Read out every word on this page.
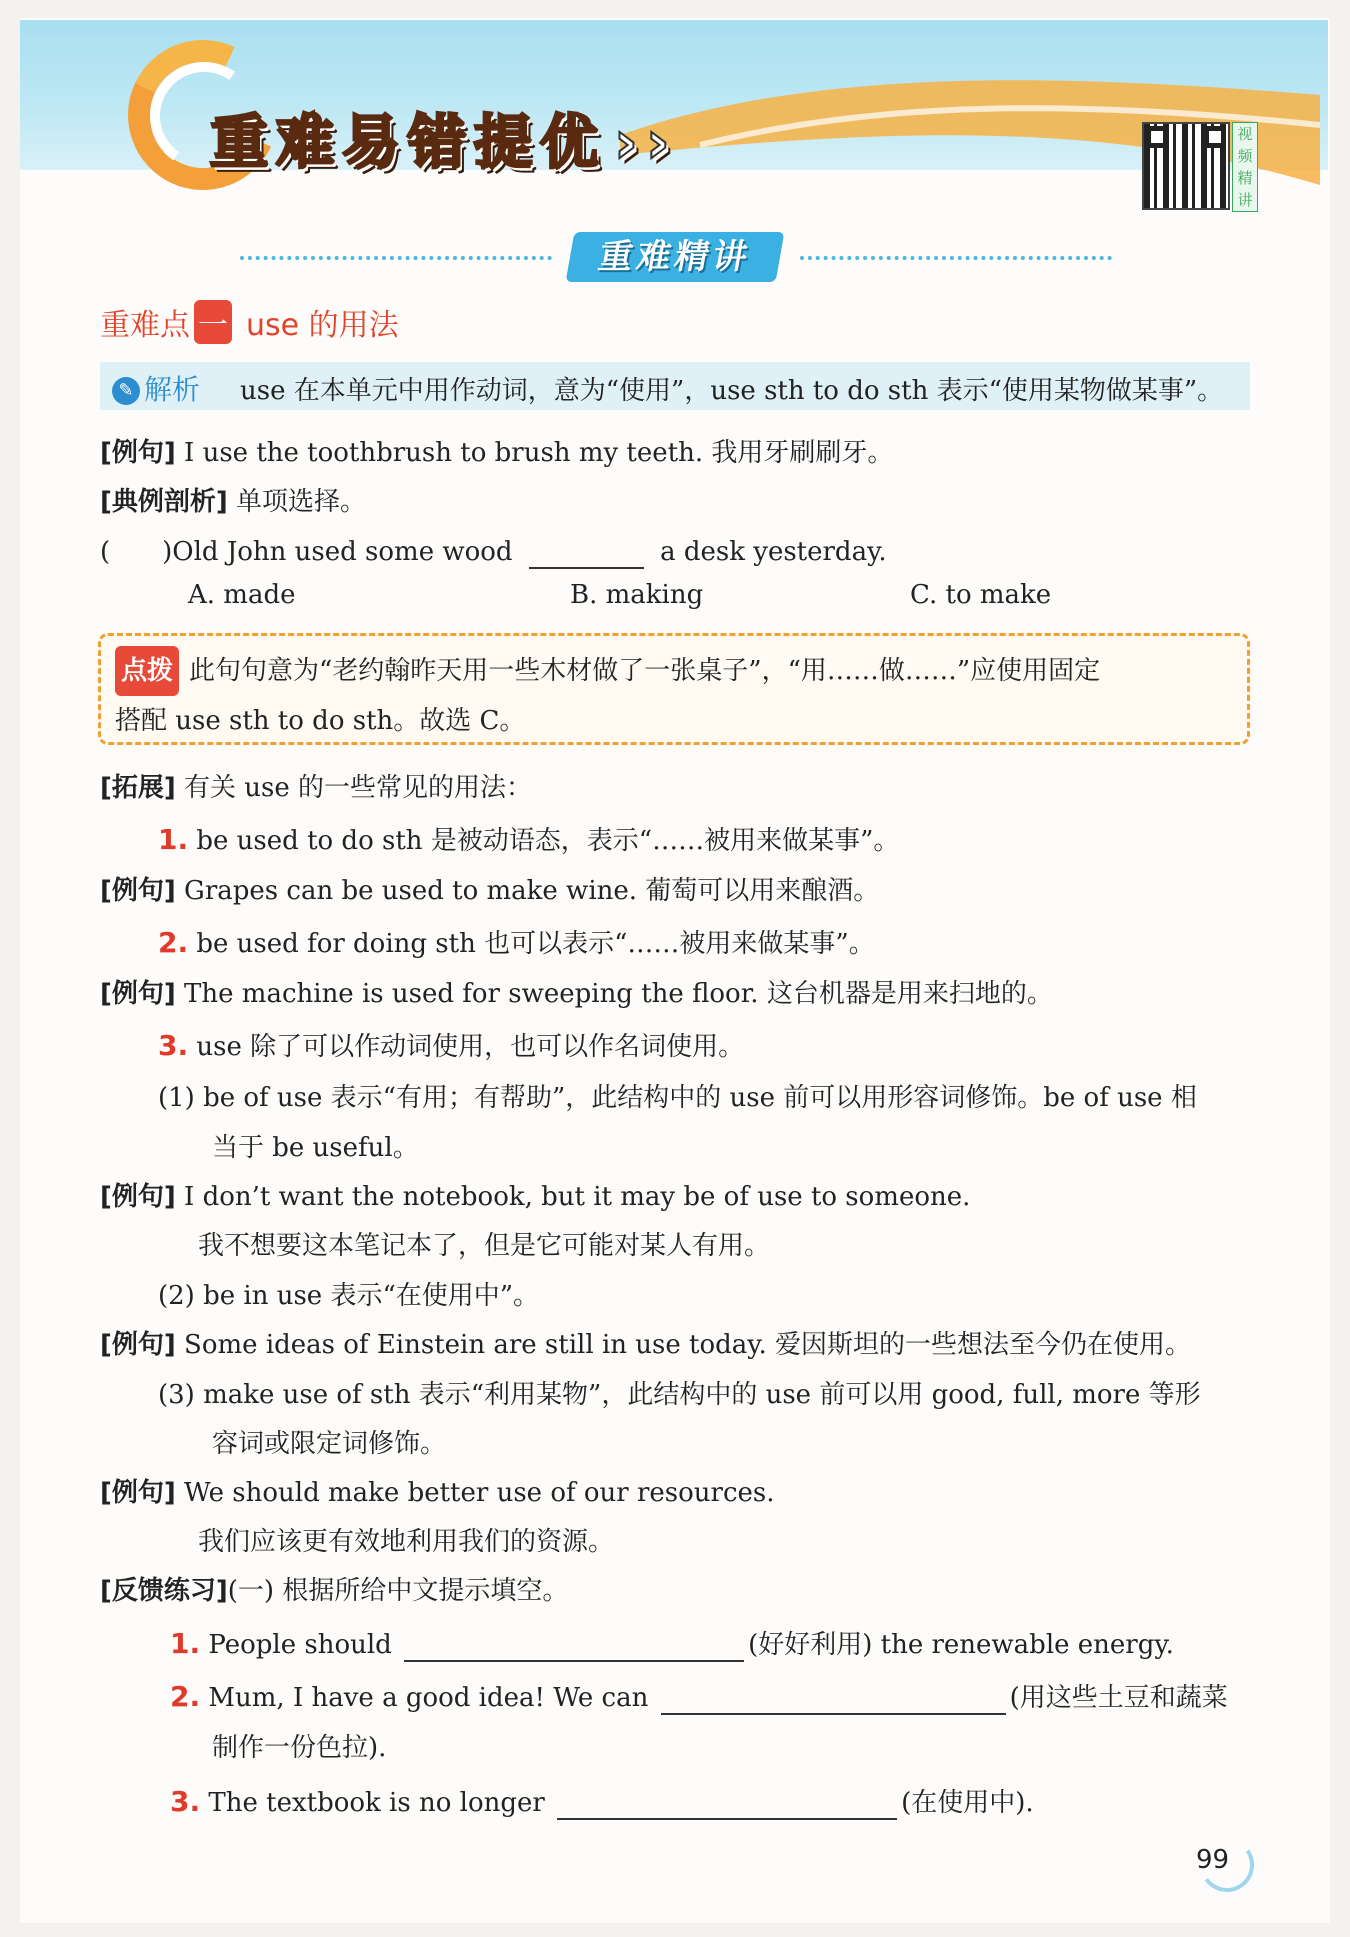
重难易错提优 ››	视频精讲
重难精讲
重难点 一 use 的用法
✎ 解析 use 在本单元中用作动词，意为“使用”，use sth to do sth 表示“使用某物做某事”。
[例句] I use the toothbrush to brush my teeth. 我用牙刷刷牙。
[典例剖析] 单项选择。
(　　)Old John used some wood	a desk yesterday.
A. made	B. making	C. to make
点拨 此句句意为“老约翰昨天用一些木材做了一张桌子”，“用……做……”应使用固定
搭配 use sth to do sth。故选 C。
[拓展] 有关 use 的一些常见的用法：
1. be used to do sth 是被动语态，表示“……被用来做某事”。
[例句] Grapes can be used to make wine. 葡萄可以用来酿酒。
2. be used for doing sth 也可以表示“……被用来做某事”。
[例句] The machine is used for sweeping the floor. 这台机器是用来扫地的。
3. use 除了可以作动词使用，也可以作名词使用。
(1) be of use 表示“有用；有帮助”，此结构中的 use 前可以用形容词修饰。be of use 相
当于 be useful。
[例句] I don’t want the notebook, but it may be of use to someone.
我不想要这本笔记本了，但是它可能对某人有用。
(2) be in use 表示“在使用中”。
[例句] Some ideas of Einstein are still in use today. 爱因斯坦的一些想法至今仍在使用。
(3) make use of sth 表示“利用某物”，此结构中的 use 前可以用 good, full, more 等形
容词或限定词修饰。
[例句] We should make better use of our resources.
我们应该更有效地利用我们的资源。
[反馈练习](一) 根据所给中文提示填空。
1. People should	(好好利用) the renewable energy.
2. Mum, I have a good idea! We can	(用这些土豆和蔬菜
制作一份色拉).
3. The textbook is no longer	(在使用中).
99
